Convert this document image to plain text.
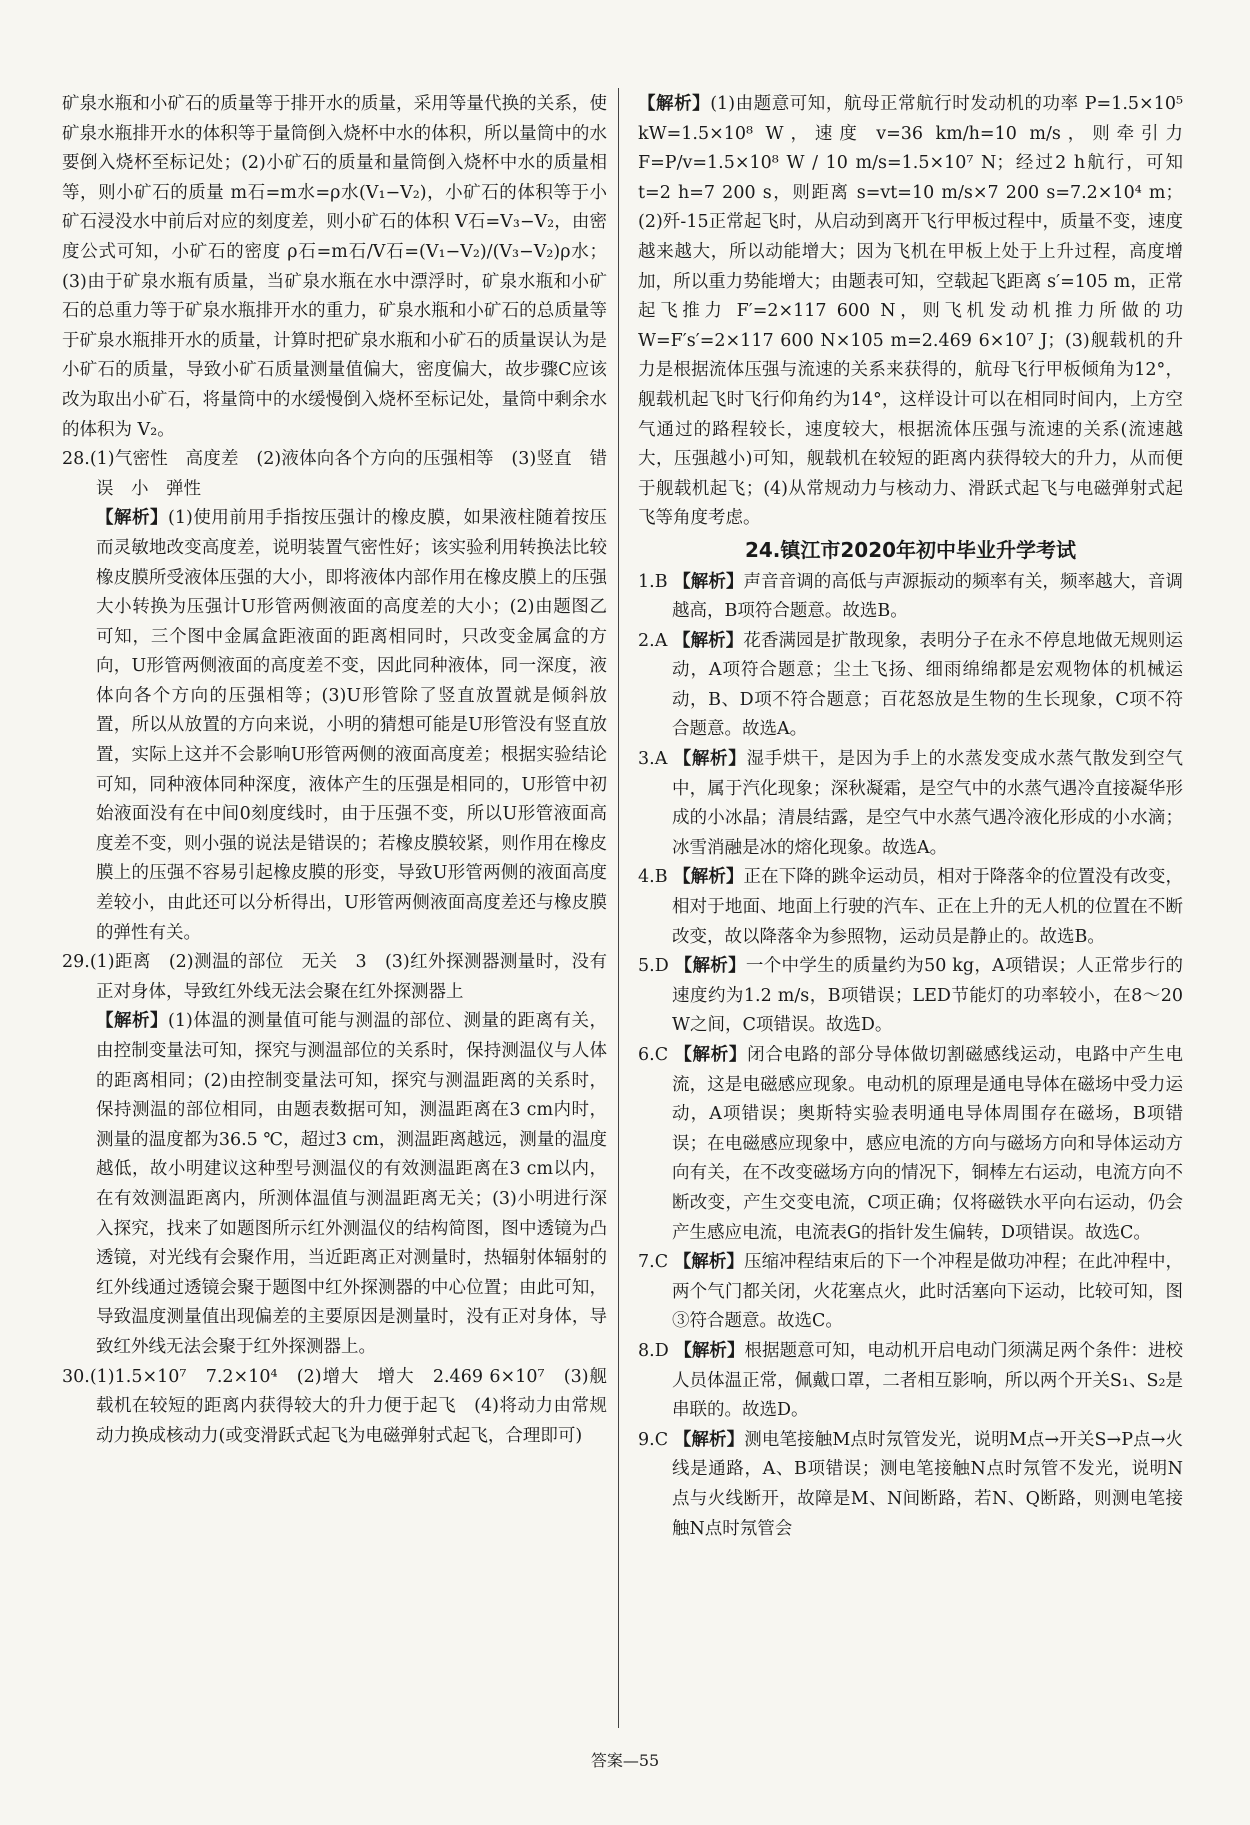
矿泉水瓶和小矿石的质量等于排开水的质量，采用等量代换的关系，使矿泉水瓶排开水的体积等于量筒倒入烧杯中水的体积，所以量筒中的水要倒入烧杯至标记处；(2)小矿石的质量和量筒倒入烧杯中水的质量相等，则小矿石的质量 m石=m水=ρ水(V₁−V₂)，小矿石的体积等于小矿石浸没水中前后对应的刻度差，则小矿石的体积 V石=V₃−V₂，由密度公式可知，小矿石的密度 ρ石=m石/V石=(V₁−V₂)/(V₃−V₂)ρ水；(3)由于矿泉水瓶有质量，当矿泉水瓶在水中漂浮时，矿泉水瓶和小矿石的总重力等于矿泉水瓶排开水的重力，矿泉水瓶和小矿石的总质量等于矿泉水瓶排开水的质量，计算时把矿泉水瓶和小矿石的质量误认为是小矿石的质量，导致小矿石质量测量值偏大，密度偏大，故步骤C应该改为取出小矿石，将量筒中的水缓慢倒入烧杯至标记处，量筒中剩余水的体积为 V₂。

28.(1)气密性　高度差　(2)液体向各个方向的压强相等　(3)竖直　错误　小　弹性

【解析】(1)使用前用手指按压强计的橡皮膜，如果液柱随着按压而灵敏地改变高度差，说明装置气密性好；该实验利用转换法比较橡皮膜所受液体压强的大小，即将液体内部作用在橡皮膜上的压强大小转换为压强计U形管两侧液面的高度差的大小；(2)由题图乙可知，三个图中金属盒距液面的距离相同时，只改变金属盒的方向，U形管两侧液面的高度差不变，因此同种液体，同一深度，液体向各个方向的压强相等；(3)U形管除了竖直放置就是倾斜放置，所以从放置的方向来说，小明的猜想可能是U形管没有竖直放置，实际上这并不会影响U形管两侧的液面高度差；根据实验结论可知，同种液体同种深度，液体产生的压强是相同的，U形管中初始液面没有在中间0刻度线时，由于压强不变，所以U形管液面高度差不变，则小强的说法是错误的；若橡皮膜较紧，则作用在橡皮膜上的压强不容易引起橡皮膜的形变，导致U形管两侧的液面高度差较小，由此还可以分析得出，U形管两侧液面高度差还与橡皮膜的弹性有关。

29.(1)距离　(2)测温的部位　无关　3　(3)红外探测器测量时，没有正对身体，导致红外线无法会聚在红外探测器上

【解析】(1)体温的测量值可能与测温的部位、测量的距离有关，由控制变量法可知，探究与测温部位的关系时，保持测温仪与人体的距离相同；(2)由控制变量法可知，探究与测温距离的关系时，保持测温的部位相同，由题表数据可知，测温距离在3 cm内时，测量的温度都为36.5 ℃，超过3 cm，测温距离越远，测量的温度越低，故小明建议这种型号测温仪的有效测温距离在3 cm以内，在有效测温距离内，所测体温值与测温距离无关；(3)小明进行深入探究，找来了如题图所示红外测温仪的结构简图，图中透镜为凸透镜，对光线有会聚作用，当近距离正对测量时，热辐射体辐射的红外线通过透镜会聚于题图中红外探测器的中心位置；由此可知，导致温度测量值出现偏差的主要原因是测量时，没有正对身体，导致红外线无法会聚于红外探测器上。

30.(1)1.5×10⁷　7.2×10⁴　(2)增大　增大　2.469 6×10⁷　(3)舰载机在较短的距离内获得较大的升力便于起飞　(4)将动力由常规动力换成核动力(或变滑跃式起飞为电磁弹射式起飞，合理即可)

【解析】(1)由题意可知，航母正常航行时发动机的功率 P=1.5×10⁵ kW=1.5×10⁸ W，速度 v=36 km/h=10 m/s，则牵引力 F=P/v=1.5×10⁸ W / 10 m/s=1.5×10⁷ N；经过2 h航行，可知 t=2 h=7 200 s，则距离 s=vt=10 m/s×7 200 s=7.2×10⁴ m；(2)歼-15正常起飞时，从启动到离开飞行甲板过程中，质量不变，速度越来越大，所以动能增大；因为飞机在甲板上处于上升过程，高度增加，所以重力势能增大；由题表可知，空载起飞距离 s′=105 m，正常起飞推力 F′=2×117 600 N，则飞机发动机推力所做的功 W=F′s′=2×117 600 N×105 m=2.469 6×10⁷ J；(3)舰载机的升力是根据流体压强与流速的关系来获得的，航母飞行甲板倾角为12°，舰载机起飞时飞行仰角约为14°，这样设计可以在相同时间内，上方空气通过的路程较长，速度较大，根据流体压强与流速的关系(流速越大，压强越小)可知，舰载机在较短的距离内获得较大的升力，从而便于舰载机起飞；(4)从常规动力与核动力、滑跃式起飞与电磁弹射式起飞等角度考虑。

24.镇江市2020年初中毕业升学考试

1.B 【解析】声音音调的高低与声源振动的频率有关，频率越大，音调越高，B项符合题意。故选B。

2.A 【解析】花香满园是扩散现象，表明分子在永不停息地做无规则运动，A项符合题意；尘土飞扬、细雨绵绵都是宏观物体的机械运动，B、D项不符合题意；百花怒放是生物的生长现象，C项不符合题意。故选A。

3.A 【解析】湿手烘干，是因为手上的水蒸发变成水蒸气散发到空气中，属于汽化现象；深秋凝霜，是空气中的水蒸气遇冷直接凝华形成的小冰晶；清晨结露，是空气中水蒸气遇冷液化形成的小水滴；冰雪消融是冰的熔化现象。故选A。

4.B 【解析】正在下降的跳伞运动员，相对于降落伞的位置没有改变，相对于地面、地面上行驶的汽车、正在上升的无人机的位置在不断改变，故以降落伞为参照物，运动员是静止的。故选B。

5.D 【解析】一个中学生的质量约为50 kg，A项错误；人正常步行的速度约为1.2 m/s，B项错误；LED节能灯的功率较小，在8～20 W之间，C项错误。故选D。

6.C 【解析】闭合电路的部分导体做切割磁感线运动，电路中产生电流，这是电磁感应现象。电动机的原理是通电导体在磁场中受力运动，A项错误；奥斯特实验表明通电导体周围存在磁场，B项错误；在电磁感应现象中，感应电流的方向与磁场方向和导体运动方向有关，在不改变磁场方向的情况下，铜棒左右运动，电流方向不断改变，产生交变电流，C项正确；仅将磁铁水平向右运动，仍会产生感应电流，电流表G的指针发生偏转，D项错误。故选C。

7.C 【解析】压缩冲程结束后的下一个冲程是做功冲程；在此冲程中，两个气门都关闭，火花塞点火，此时活塞向下运动，比较可知，图③符合题意。故选C。

8.D 【解析】根据题意可知，电动机开启电动门须满足两个条件：进校人员体温正常，佩戴口罩，二者相互影响，所以两个开关S₁、S₂是串联的。故选D。

9.C 【解析】测电笔接触M点时氖管发光，说明M点→开关S→P点→火线是通路，A、B项错误；测电笔接触N点时氖管不发光，说明N点与火线断开，故障是M、N间断路，若N、Q断路，则测电笔接触N点时氖管会

答案—55
